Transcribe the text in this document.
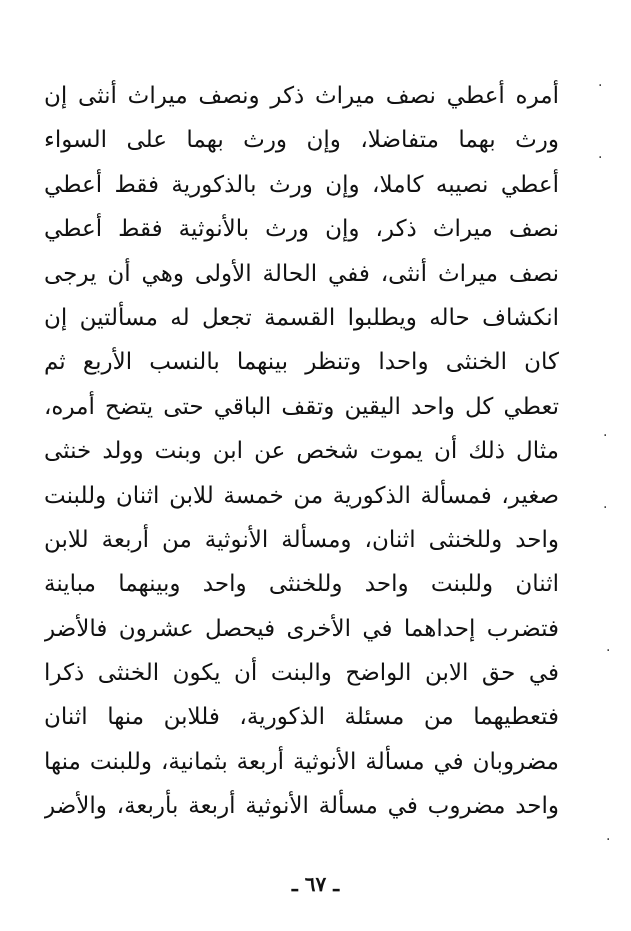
أمره أعطي نصف ميراث ذكر ونصف ميراث أنثى إن
ورث بهما متفاضلا، وإن ورث بهما على السواء
أعطي نصيبه كاملا، وإن ورث بالذكورية فقط أعطي
نصف ميراث ذكر، وإن ورث بالأنوثية فقط أعطي
نصف ميراث أنثى، ففي الحالة الأولى وهي أن يرجى
انكشاف حاله ويطلبوا القسمة تجعل له مسألتين إن
كان الخنثى واحدا وتنظر بينهما بالنسب الأربع ثم
تعطي كل واحد اليقين وتقف الباقي حتى يتضح أمره،
مثال ذلك أن يموت شخص عن ابن وبنت وولد خنثى
صغير، فمسألة الذكورية من خمسة للابن اثنان وللبنت
واحد وللخنثى اثنان، ومسألة الأنوثية من أربعة للابن
اثنان وللبنت واحد وللخنثى واحد وبينهما مباينة
فتضرب إحداهما في الأخرى فيحصل عشرون فالأضر
في حق الابن الواضح والبنت أن يكون الخنثى ذكرا
فتعطيهما من مسئلة الذكورية، فللابن منها اثنان
مضروبان في مسألة الأنوثية أربعة بثمانية، وللبنت منها
واحد مضروب في مسألة الأنوثية أربعة بأربعة، والأضر
·
·
·
·
·
·
ـ ٦٧ ـ
